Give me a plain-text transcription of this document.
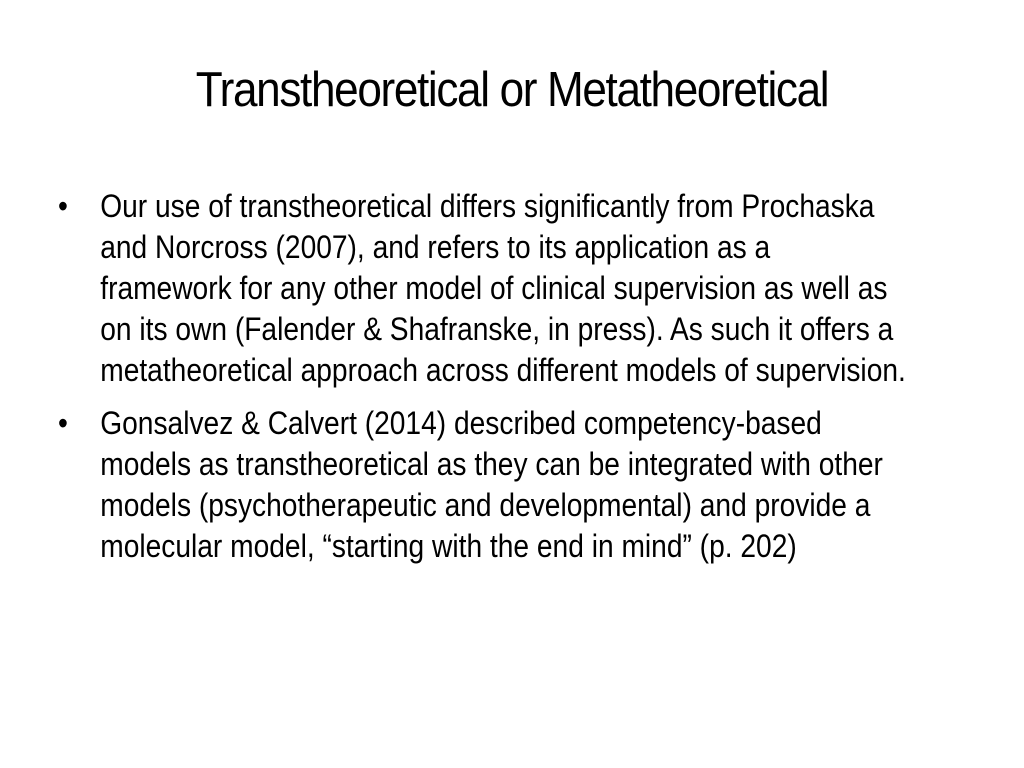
Transtheoretical or Metatheoretical
•	Our use of transtheoretical differs significantly from Prochaska and Norcross (2007), and refers to its application as a framework for any other model of clinical supervision as well as on its own (Falender & Shafranske, in press). As such it offers a metatheoretical approach across different models of supervision.
•	Gonsalvez & Calvert (2014) described competency-based models as transtheoretical as they can be integrated with other models (psychotherapeutic and developmental) and provide a molecular model, “starting with the end in mind” (p. 202)
